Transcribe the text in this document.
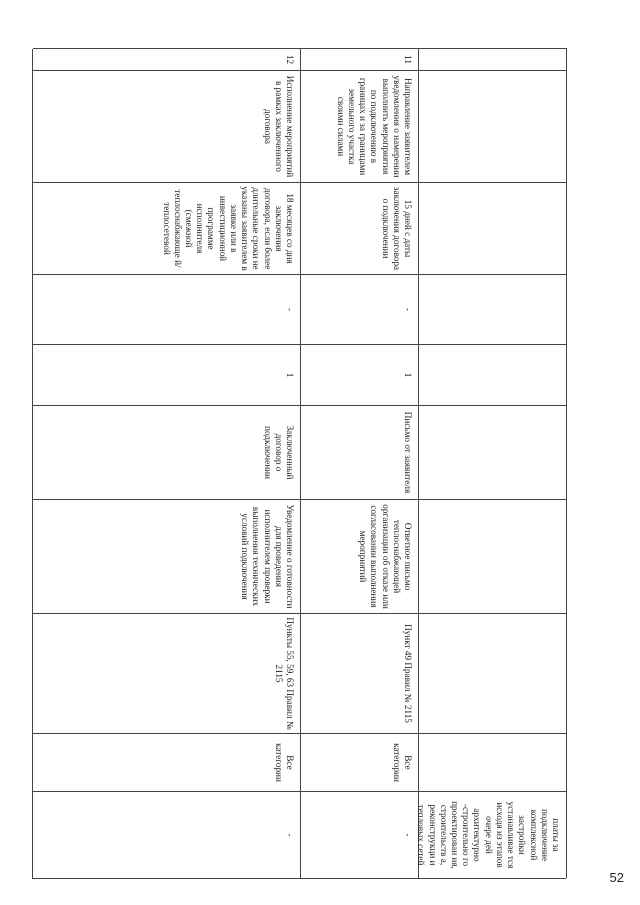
платы за подключение комплексной застройки устанавливае тся исходя из этапов очере дей архитектурно -строительно го проектирован ия, строительств а, реконструкци и тепловых сетей
11
Направление заявителем уведомления о намерении выполнить мероприятия по подключению в границах и за границами земельного участка своими силами
15 дней с даты заключения договора о подключении
-
1
Письмо от заявителя
Ответное письмо теплоснабжающей организации об отказе или согласовании выполнения мероприятий
Пункт 49 Правил № 2115
Все категории
-
12
Исполнение мероприятий в рамках заключенного договора
18 месяцев со дня заключения договора, если более длительные сроки не указаны заявителем в заявке или в инвестиционной программе исполнителя (смежной теплоснабжающе й/теплосетевой
-
1
Заключенный договор о подключении
Уведомление о готовности для проведения исполнителем проверки выполнения технических условий подключения
Пункты 55, 59, 63 Правил № 2115
Все категории
-
52
